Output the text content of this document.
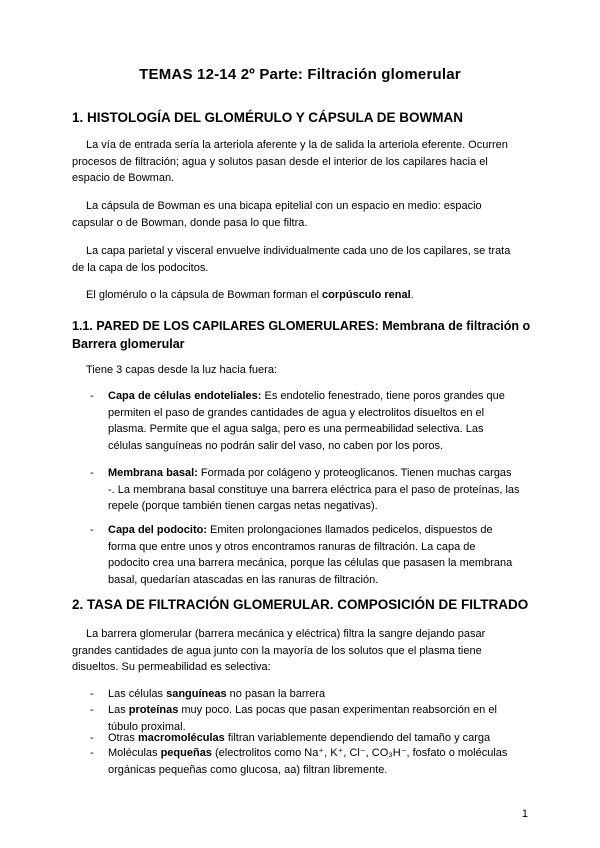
TEMAS 12-14 2º Parte: Filtración glomerular
1. HISTOLOGÍA DEL GLOMÉRULO Y CÁPSULA DE BOWMAN

La vía de entrada sería la arteriola aferente y la de salida la arteriola eferente. Ocurren procesos de filtración; agua y solutos pasan desde el interior de los capilares hacia el espacio de Bowman.

La cápsula de Bowman es una bicapa epitelial con un espacio en medio: espacio capsular o de Bowman, donde pasa lo que filtra.

La capa parietal y visceral envuelve individualmente cada uno de los capilares, se trata de la capa de los podocitos.

El glomérulo o la cápsula de Bowman forman el corpúsculo renal.

1.1. PARED DE LOS CAPILARES GLOMERULARES: Membrana de filtración o Barrera glomerular

Tiene 3 capas desde la luz hacia fuera:

- Capa de células endoteliales: Es endotelio fenestrado, tiene poros grandes que permiten el paso de grandes cantidades de agua y electrolitos disueltos en el plasma. Permite que el agua salga, pero es una permeabilidad selectiva. Las células sanguíneas no podrán salir del vaso, no caben por los poros.
- Membrana basal: Formada por colágeno y proteoglicanos. Tienen muchas cargas -. La membrana basal constituye una barrera eléctrica para el paso de proteínas, las repele (porque también tienen cargas netas negativas).
- Capa del podocito: Emiten prolongaciones llamados pedicelos, dispuestos de forma que entre unos y otros encontramos ranuras de filtración. La capa de podocito crea una barrera mecánica, porque las células que pasasen la membrana basal, quedarían atascadas en las ranuras de filtración.
2. TASA DE FILTRACIÓN GLOMERULAR. COMPOSICIÓN DE FILTRADO

La barrera glomerular (barrera mecánica y eléctrica) filtra la sangre dejando pasar grandes cantidades de agua junto con la mayoría de los solutos que el plasma tiene disueltos. Su permeabilidad es selectiva:

- Las células sanguíneas no pasan la barrera
- Las proteínas muy poco. Las pocas que pasan experimentan reabsorción en el túbulo proximal.
- Otras macromoléculas filtran variablemente dependiendo del tamaño y carga
- Moléculas pequeñas (electrolitos como Na⁺, K⁺, Cl⁻, CO₃H⁻, fosfato o moléculas orgánicas pequeñas como glucosa, aa) filtran libremente.
1
